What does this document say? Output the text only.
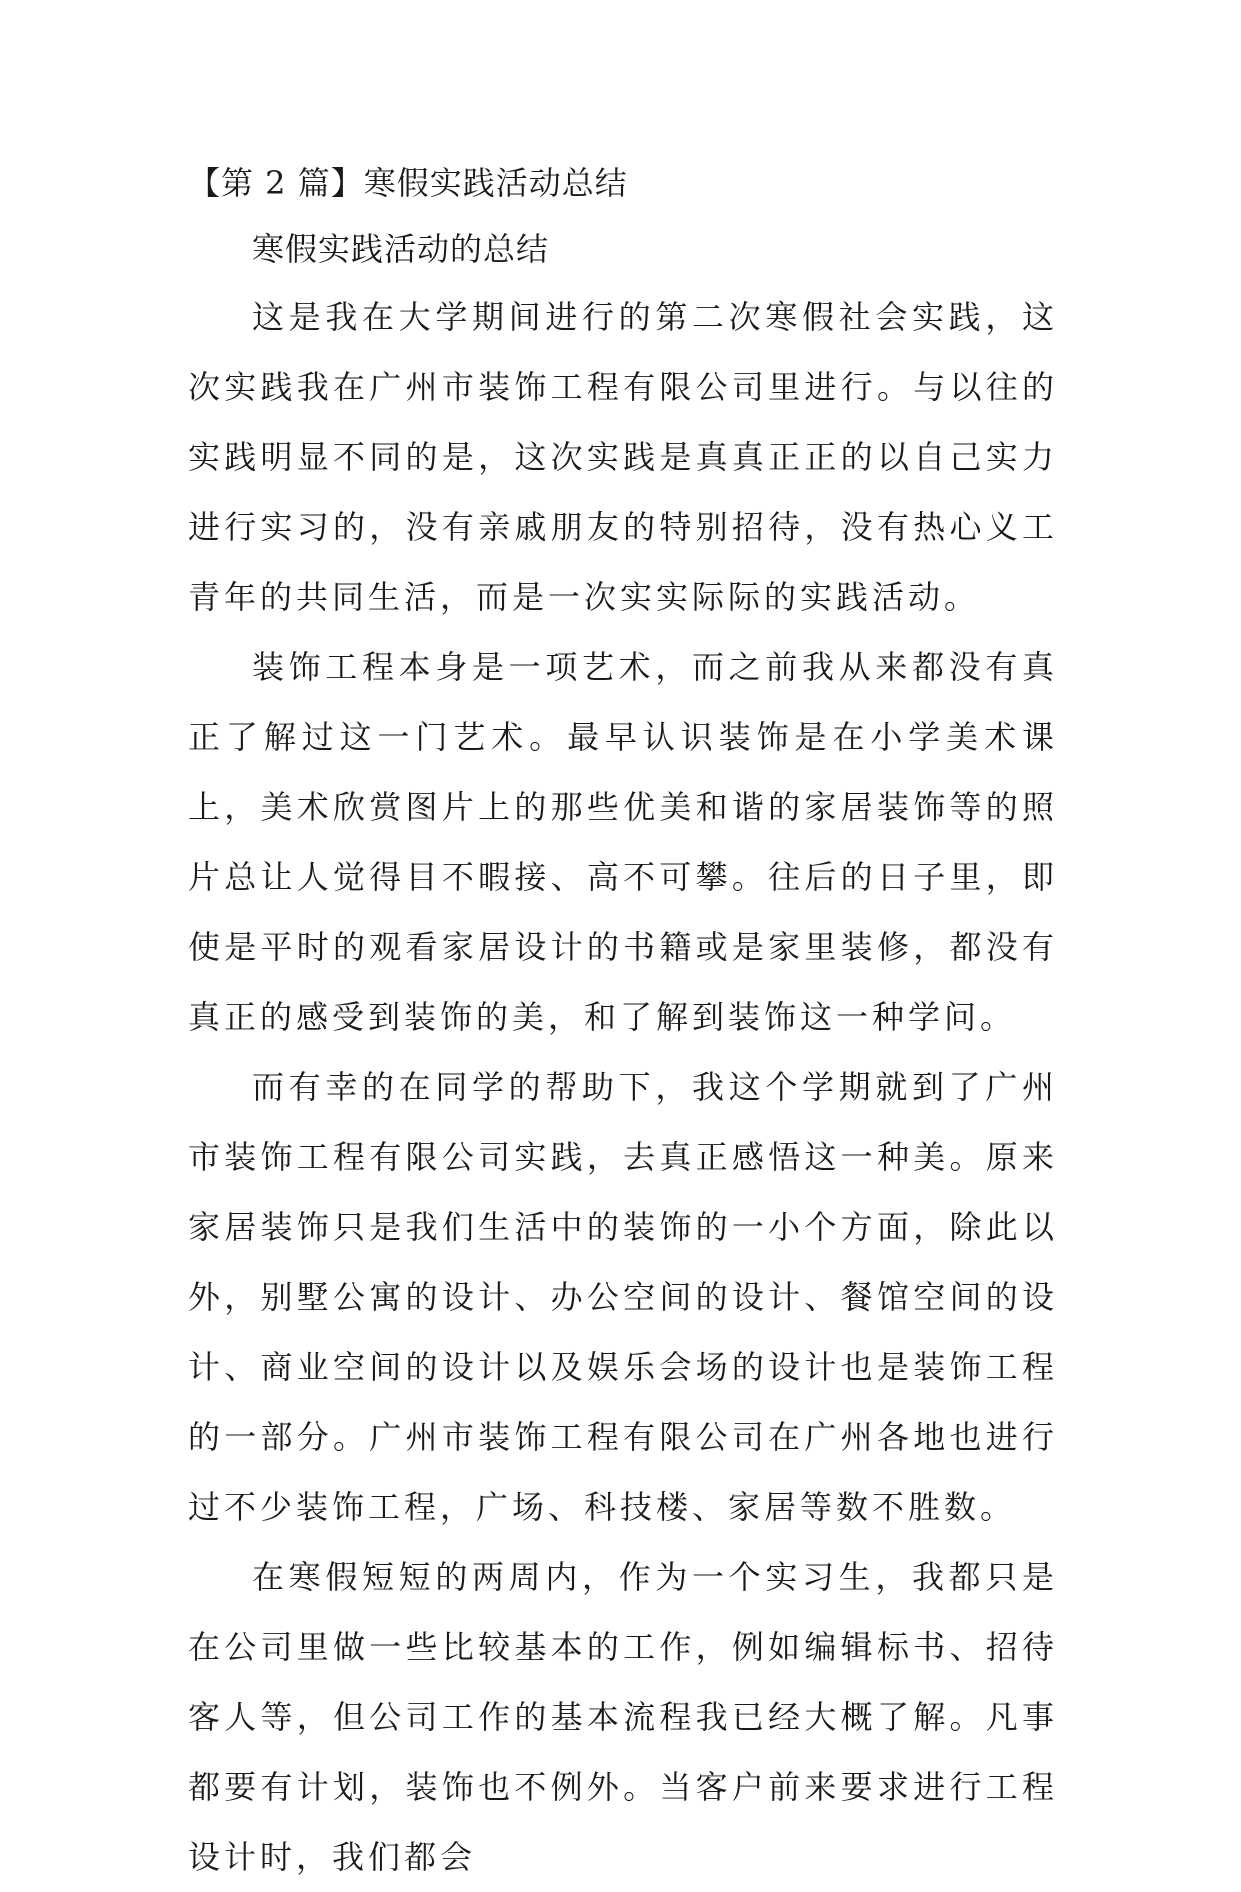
【第 2 篇】寒假实践活动总结
寒假实践活动的总结

这是我在大学期间进行的第二次寒假社会实践，这次实践我在广州市装饰工程有限公司里进行。与以往的实践明显不同的是，这次实践是真真正正的以自己实力进行实习的，没有亲戚朋友的特别招待，没有热心义工青年的共同生活，而是一次实实际际的实践活动。

装饰工程本身是一项艺术，而之前我从来都没有真正了解过这一门艺术。最早认识装饰是在小学美术课上，美术欣赏图片上的那些优美和谐的家居装饰等的照片总让人觉得目不暇接、高不可攀。往后的日子里，即使是平时的观看家居设计的书籍或是家里装修，都没有真正的感受到装饰的美，和了解到装饰这一种学问。

而有幸的在同学的帮助下，我这个学期就到了广州市装饰工程有限公司实践，去真正感悟这一种美。原来家居装饰只是我们生活中的装饰的一小个方面，除此以外，别墅公寓的设计、办公空间的设计、餐馆空间的设计、商业空间的设计以及娱乐会场的设计也是装饰工程的一部分。广州市装饰工程有限公司在广州各地也进行过不少装饰工程，广场、科技楼、家居等数不胜数。

在寒假短短的两周内，作为一个实习生，我都只是在公司里做一些比较基本的工作，例如编辑标书、招待客人等，但公司工作的基本流程我已经大概了解。凡事都要有计划，装饰也不例外。当客户前来要求进行工程设计时，我们都会
